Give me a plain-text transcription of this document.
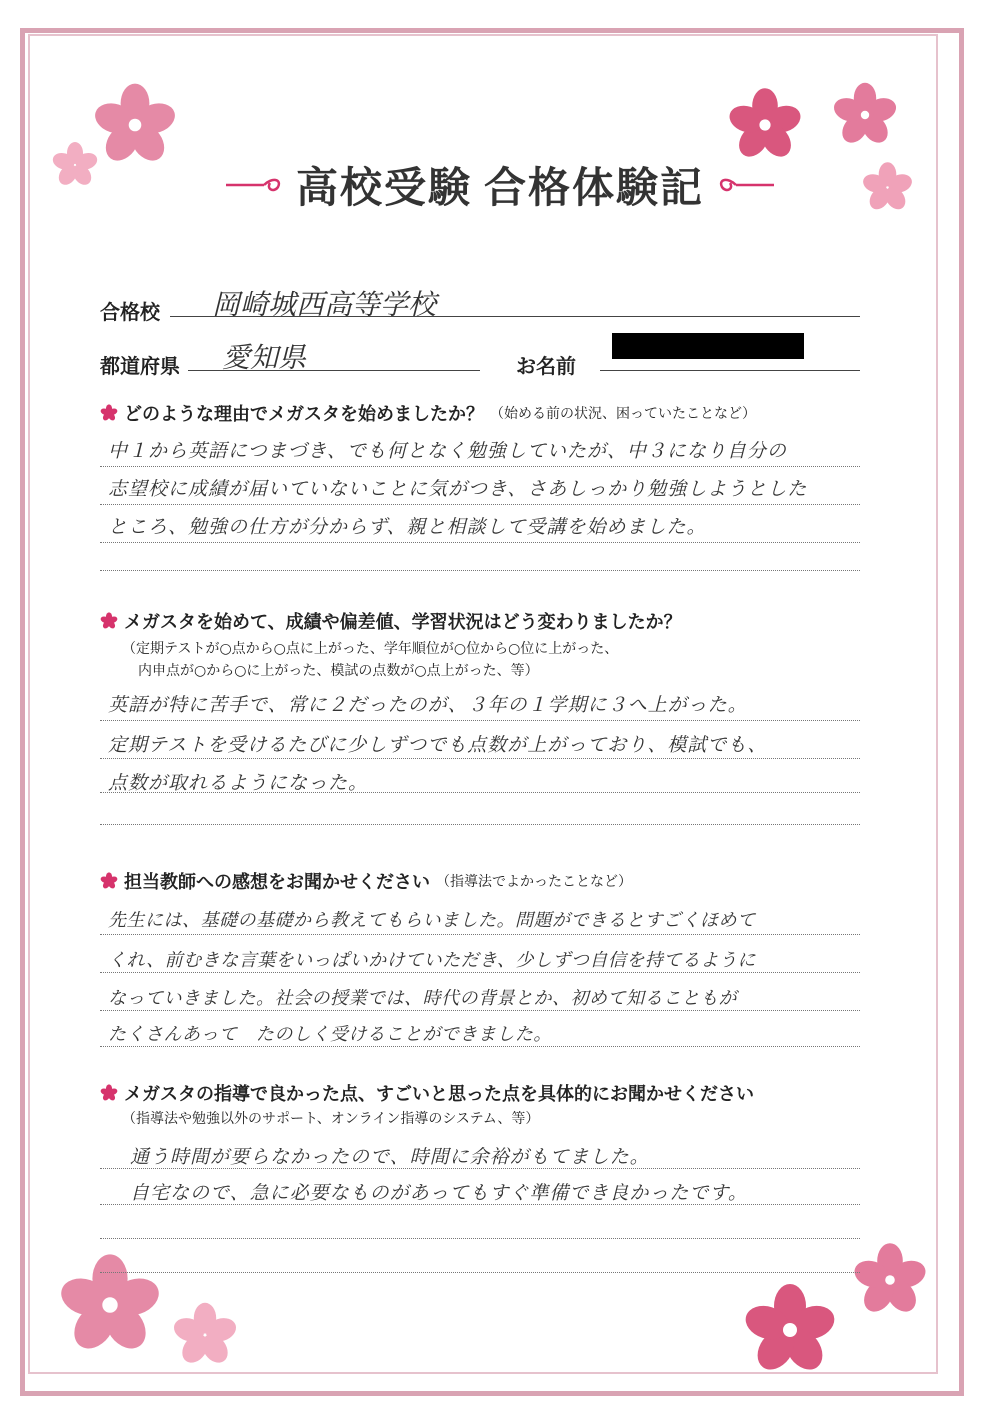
高校受験 合格体験記
合格校 岡崎城西高等学校
都道府県 愛知県	お名前
どのような理由でメガスタを始めましたか？ （始める前の状況、困っていたことなど）
中１から英語につまづき、でも何となく勉強していたが、中３になり自分の
志望校に成績が届いていないことに気がつき、さあしっかり勉強しようとした
ところ、勉強の仕方が分からず、親と相談して受講を始めました。
メガスタを始めて、成績や偏差値、学習状況はどう変わりましたか？
（定期テストが○点から○点に上がった、学年順位が○位から○位に上がった、
内申点が○から○に上がった、模試の点数が○点上がった、等）
英語が特に苦手で、常に２だったのが、３年の１学期に３へ上がった。
定期テストを受けるたびに少しずつでも点数が上がっており、模試でも、
点数が取れるようになった。
担当教師への感想をお聞かせください （指導法でよかったことなど）
先生には、基礎の基礎から教えてもらいました。問題ができるとすごくほめて
くれ、前むきな言葉をいっぱいかけていただき、少しずつ自信を持てるように
なっていきました。社会の授業では、時代の背景とか、初めて知ることもが
たくさんあって　たのしく受けることができました。
メガスタの指導で良かった点、すごいと思った点を具体的にお聞かせください
（指導法や勉強以外のサポート、オンライン指導のシステム、等）
通う時間が要らなかったので、時間に余裕がもてました。
自宅なので、急に必要なものがあってもすぐ準備でき良かったです。
